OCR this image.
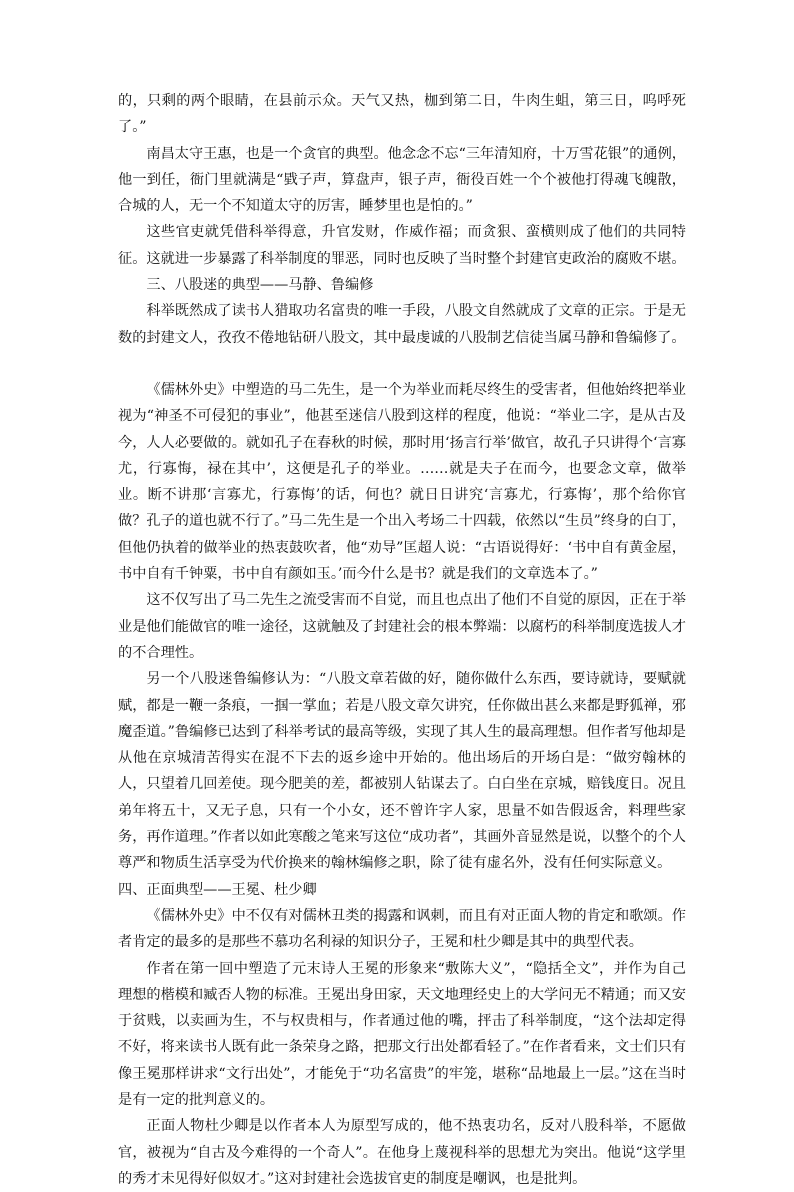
的，只剩的两个眼睛，在县前示众。天气又热，枷到第二日，牛肉生蛆，第三日，呜呼死了。”

南昌太守王惠，也是一个贪官的典型。他念念不忘“三年清知府，十万雪花银”的通例，他一到任，衙门里就满是“戥子声，算盘声，银子声，衙役百姓一个个被他打得魂飞魄散，合城的人，无一个不知道太守的厉害，睡梦里也是怕的。”

这些官吏就凭借科举得意，升官发财，作威作福；而贪狠、蛮横则成了他们的共同特征。这就进一步暴露了科举制度的罪恶，同时也反映了当时整个封建官吏政治的腐败不堪。

三、八股迷的典型——马静、鲁编修

科举既然成了读书人猎取功名富贵的唯一手段，八股文自然就成了文章的正宗。于是无数的封建文人，孜孜不倦地钻研八股文，其中最虔诚的八股制艺信徒当属马静和鲁编修了。

《儒林外史》中塑造的马二先生，是一个为举业而耗尽终生的受害者，但他始终把举业视为“神圣不可侵犯的事业”，他甚至迷信八股到这样的程度，他说：“举业二字，是从古及今，人人必要做的。就如孔子在春秋的时候，那时用‘扬言行举’做官，故孔子只讲得个‘言寡尤，行寡悔，禄在其中’，这便是孔子的举业。……就是夫子在而今，也要念文章，做举业。断不讲那‘言寡尤，行寡悔’的话，何也？就日日讲究‘言寡尤，行寡悔’，那个给你官做？孔子的道也就不行了。”马二先生是一个出入考场二十四载，依然以“生员”终身的白丁，但他仍执着的做举业的热衷鼓吹者，他“劝导”匡超人说：“古语说得好：‘书中自有黄金屋，书中自有千钟粟，书中自有颜如玉。’而今什么是书？就是我们的文章选本了。”

这不仅写出了马二先生之流受害而不自觉，而且也点出了他们不自觉的原因，正在于举业是他们能做官的唯一途径，这就触及了封建社会的根本弊端：以腐朽的科举制度选拔人才的不合理性。

另一个八股迷鲁编修认为：“八股文章若做的好，随你做什么东西，要诗就诗，要赋就赋，都是一鞭一条痕，一掴一掌血；若是八股文章欠讲究，任你做出甚么来都是野狐禅，邪魔歪道。”鲁编修已达到了科举考试的最高等级，实现了其人生的最高理想。但作者写他却是从他在京城清苦得实在混不下去的返乡途中开始的。他出场后的开场白是：“做穷翰林的人，只望着几回差使。现今肥美的差，都被别人钻谋去了。白白坐在京城，赔钱度日。况且弟年将五十，又无子息，只有一个小女，还不曾许字人家，思量不如告假返舍，料理些家务，再作道理。”作者以如此寒酸之笔来写这位“成功者”，其画外音显然是说，以整个的个人尊严和物质生活享受为代价换来的翰林编修之职，除了徒有虚名外，没有任何实际意义。

四、正面典型——王冕、杜少卿

《儒林外史》中不仅有对儒林丑类的揭露和讽刺，而且有对正面人物的肯定和歌颂。作者肯定的最多的是那些不慕功名利禄的知识分子，王冕和杜少卿是其中的典型代表。

作者在第一回中塑造了元末诗人王冕的形象来“敷陈大义”，“隐括全文”，并作为自己理想的楷模和臧否人物的标准。王冕出身田家，天文地理经史上的大学问无不精通；而又安于贫贱，以卖画为生，不与权贵相与，作者通过他的嘴，抨击了科举制度，“这个法却定得不好，将来读书人既有此一条荣身之路，把那文行出处都看轻了。”在作者看来，文士们只有像王冕那样讲求“文行出处”，才能免于“功名富贵”的牢笼，堪称“品地最上一层。”这在当时是有一定的批判意义的。

正面人物杜少卿是以作者本人为原型写成的，他不热衷功名，反对八股科举，不愿做官，被视为“自古及今难得的一个奇人”。在他身上蔑视科举的思想尤为突出。他说“这学里的秀才未见得好似奴才。”这对封建社会选拔官吏的制度是嘲讽，也是批判。
